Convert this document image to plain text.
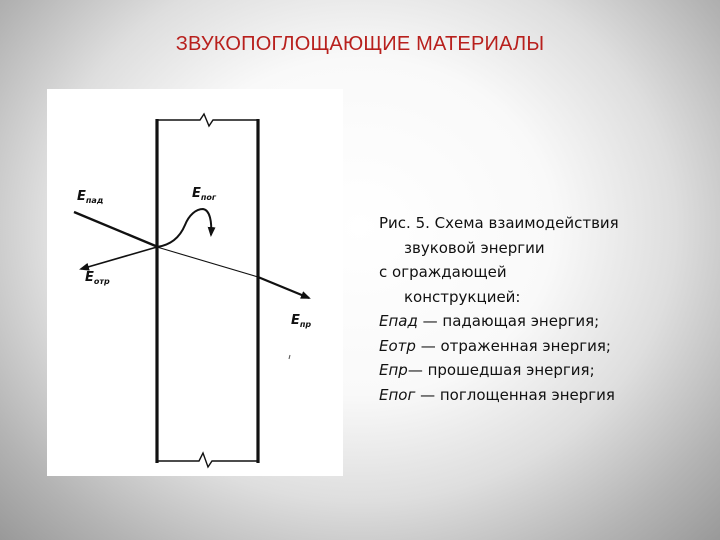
ЗВУКОПОГЛОЩАЮЩИЕ МАТЕРИАЛЫ
Eпад	Eпог
Eотр
Eпр
Рис. 5. Схема взаимодействия
звуковой энергии
с ограждающей
конструкцией:
Епад — падающая энергия;
Еотр — отраженная энергия;
Епр— прошедшая энергия;
Епог — поглощенная энергия
